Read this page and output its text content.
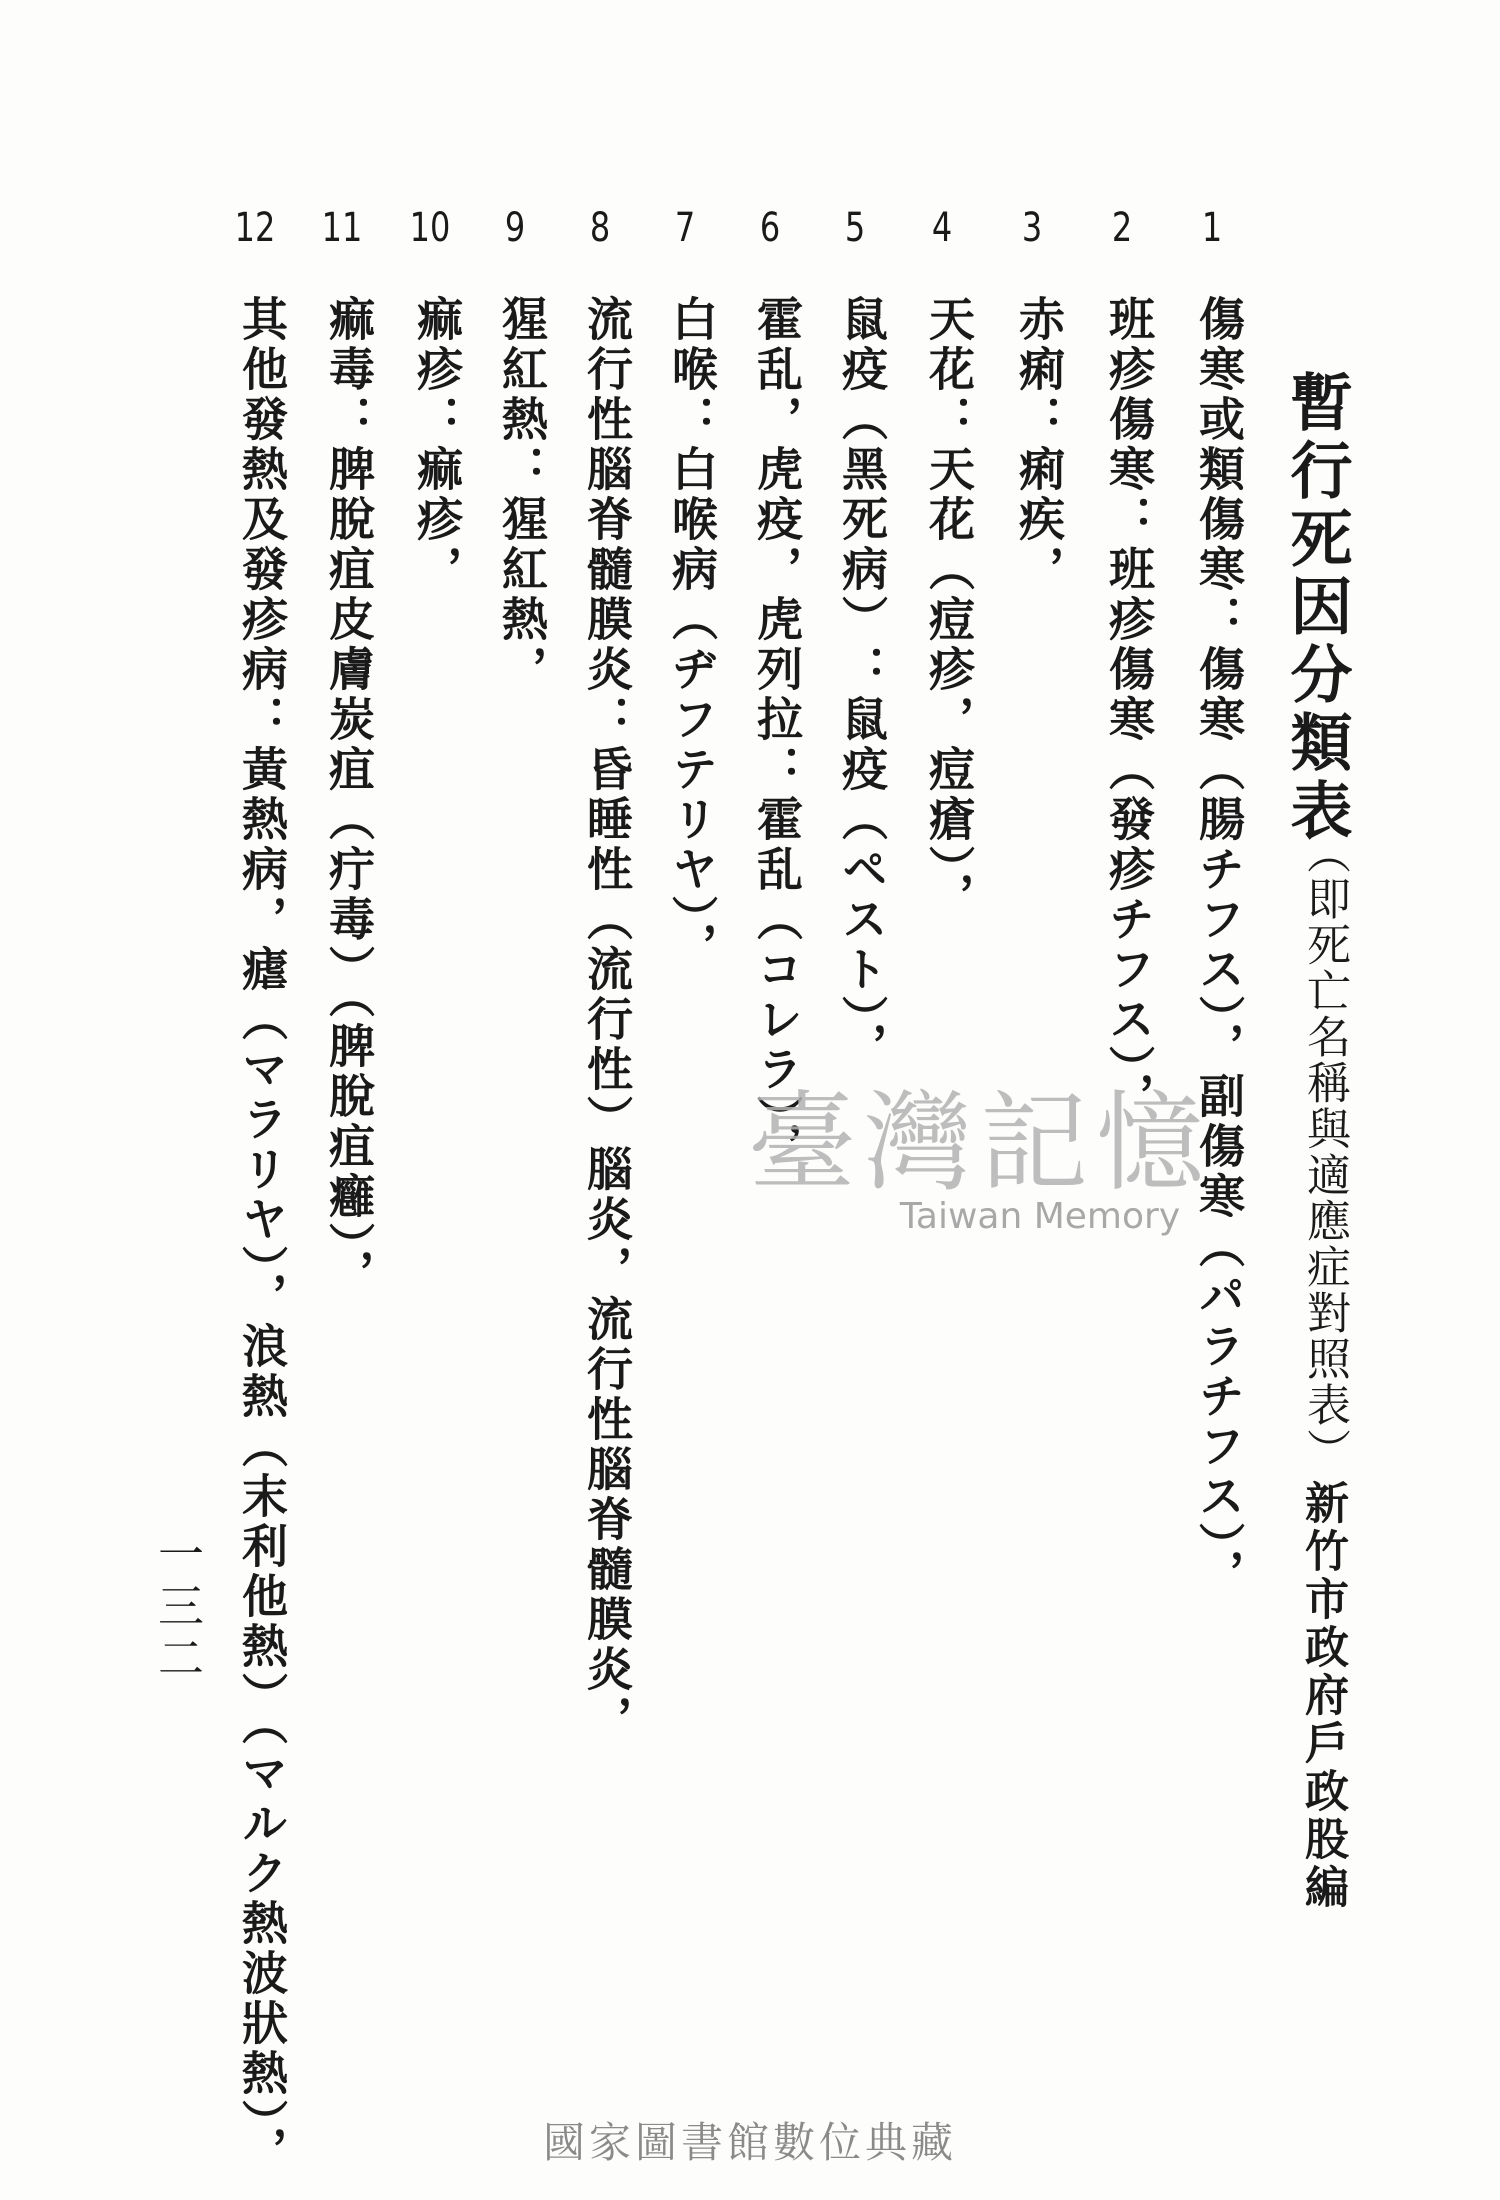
暫行死因分類表
（即死亡名稱與適應症對照表）
新竹市政府戶政股編
1
2
3
4
5
6
7
8
9
10
11
12
傷寒或類傷寒：傷寒（腸チフス），副傷寒（パラチフス），
班疹傷寒：班疹傷寒（發疹チフス），
赤痢：痢疾，
天花：天花（痘疹，痘瘡），
鼠疫（黑死病）：鼠疫（ペスト），
霍乱，虎疫，虎列拉：霍乱（コレラ），
白喉：白喉病（ヂフテリヤ），
流行性腦脊髓膜炎：昏睡性（流行性）腦炎，流行性腦脊髓膜炎，
猩紅熱：猩紅熱，
痲疹：痲疹，
痲毒：脾脫疽皮膚炭疽（疔毒）（脾脫疽癰），
其他發熱及發疹病：黃熱病，瘧（マラリヤ），浪熱（末利他熱）（マルク熱波狀熱），
一三二
臺灣記憶
Taiwan Memory
國家圖書館數位典藏
